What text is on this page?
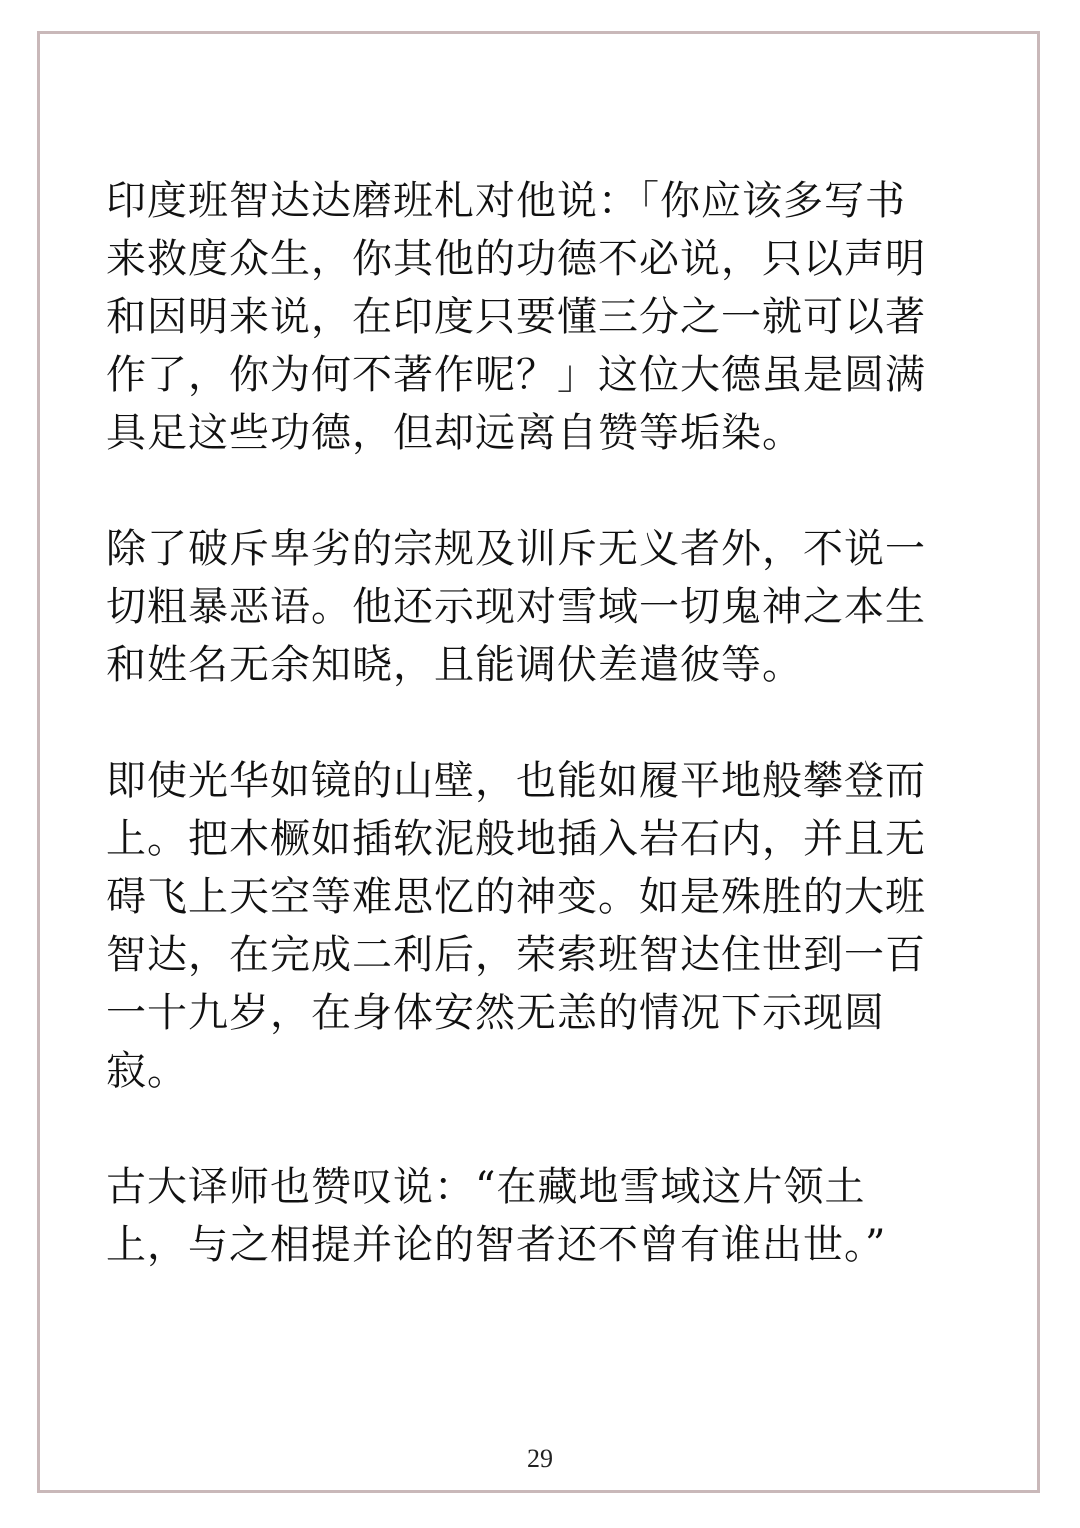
印度班智达达磨班札对他说：「你应该多写书
来救度众生，你其他的功德不必说，只以声明
和因明来说，在印度只要懂三分之一就可以著
作了，你为何不著作呢？」这位大德虽是圆满
具足这些功德，但却远离自赞等垢染。
除了破斥卑劣的宗规及训斥无义者外，不说一
切粗暴恶语。他还示现对雪域一切鬼神之本生
和姓名无余知晓，且能调伏差遣彼等。
即使光华如镜的山壁，也能如履平地般攀登而
上。把木橛如插软泥般地插入岩石内，并且无
碍飞上天空等难思忆的神变。如是殊胜的大班
智达，在完成二利后，荣索班智达住世到一百
一十九岁，在身体安然无恙的情况下示现圆
寂。
古大译师也赞叹说：“在藏地雪域这片领土
上，与之相提并论的智者还不曾有谁出世。”
29
